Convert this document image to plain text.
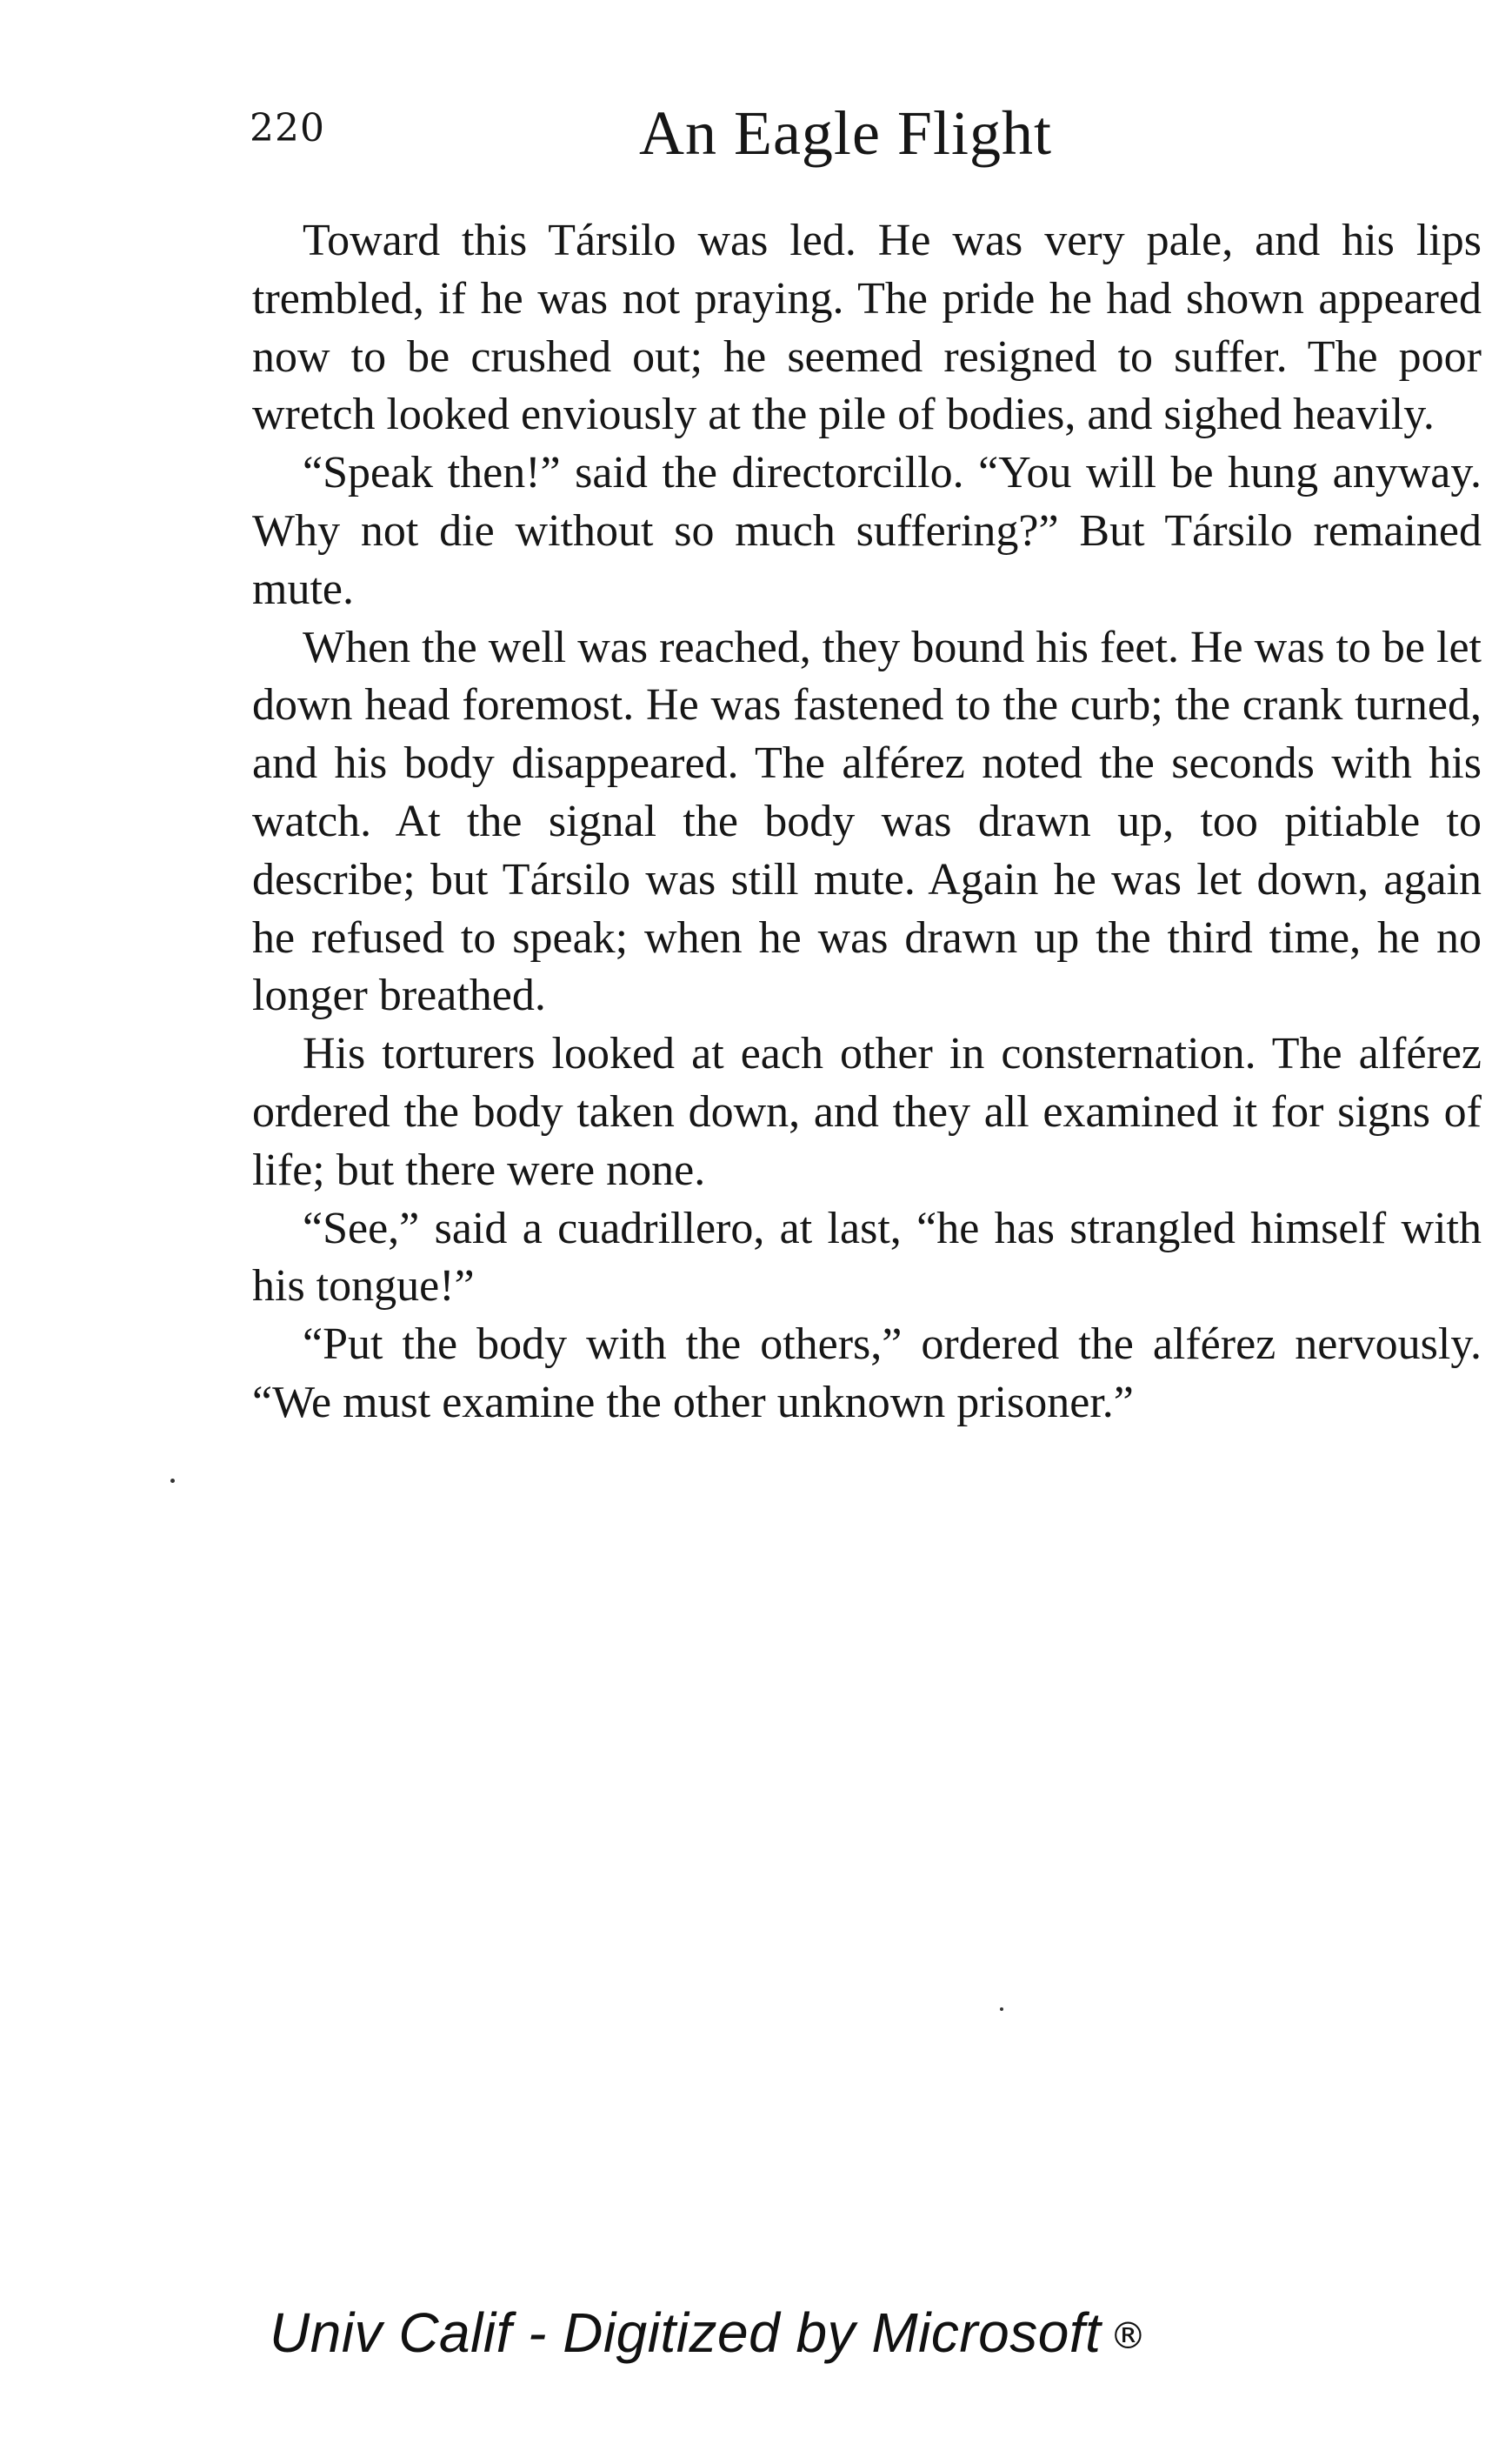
220	An Eagle Flight

Toward this Társilo was led. He was very pale, and his lips trembled, if he was not praying. The pride he had shown appeared now to be crushed out; he seemed resigned to suffer. The poor wretch looked enviously at the pile of bodies, and sighed heavily.

“Speak then!” said the directorcillo. “You will be hung anyway. Why not die without so much suffering?” But Társilo remained mute.

When the well was reached, they bound his feet. He was to be let down head foremost. He was fastened to the curb; the crank turned, and his body disappeared. The alférez noted the seconds with his watch. At the signal the body was drawn up, too pitiable to describe; but Társilo was still mute. Again he was let down, again he refused to speak; when he was drawn up the third time, he no longer breathed.

His torturers looked at each other in consternation. The alférez ordered the body taken down, and they all examined it for signs of life; but there were none.

“See,” said a cuadrillero, at last, “he has strangled himself with his tongue!”

“Put the body with the others,” ordered the alférez nervously. “We must examine the other unknown prisoner.”

Univ Calif - Digitized by Microsoft ®
